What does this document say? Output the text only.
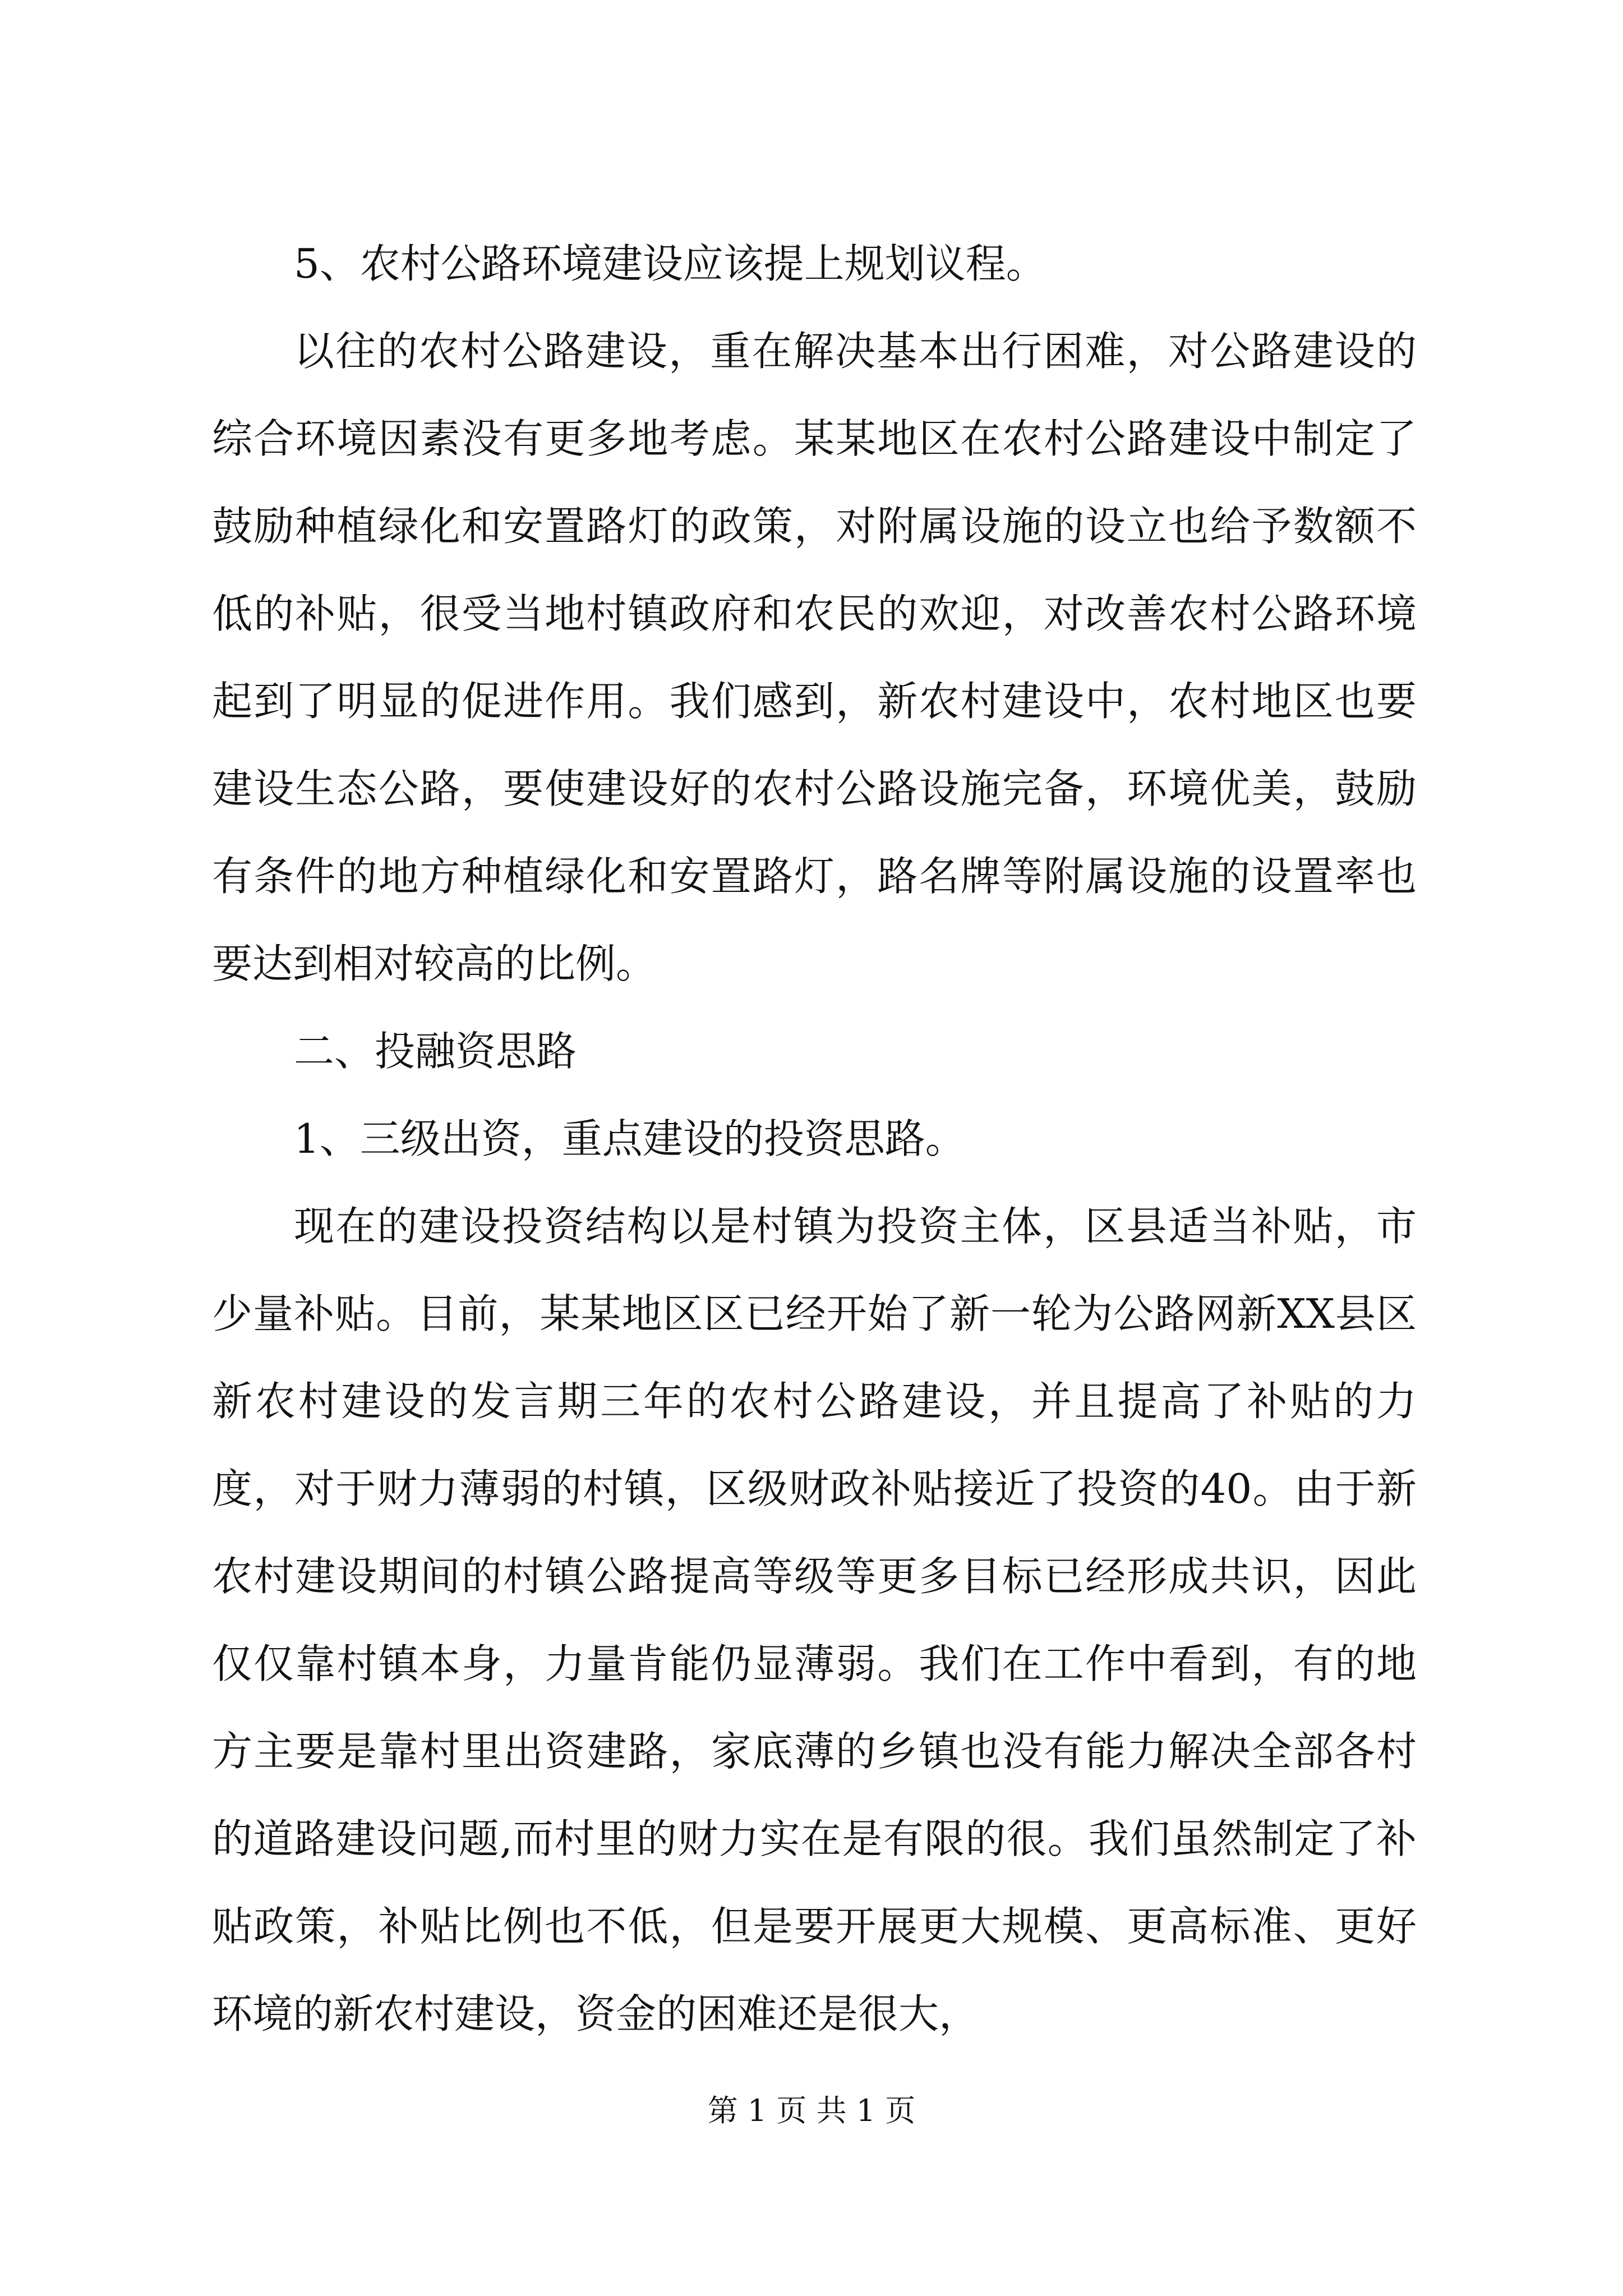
5、农村公路环境建设应该提上规划议程。

以往的农村公路建设，重在解决基本出行困难，对公路建设的综合环境因素没有更多地考虑。某某地区在农村公路建设中制定了鼓励种植绿化和安置路灯的政策，对附属设施的设立也给予数额不低的补贴，很受当地村镇政府和农民的欢迎，对改善农村公路环境起到了明显的促进作用。我们感到，新农村建设中，农村地区也要建设生态公路，要使建设好的农村公路设施完备，环境优美，鼓励有条件的地方种植绿化和安置路灯，路名牌等附属设施的设置率也要达到相对较高的比例。

二、投融资思路

1、三级出资，重点建设的投资思路。

现在的建设投资结构以是村镇为投资主体，区县适当补贴，市少量补贴。目前，某某地区区已经开始了新一轮为公路网新XX县区新农村建设的发言期三年的农村公路建设，并且提高了补贴的力度，对于财力薄弱的村镇，区级财政补贴接近了投资的40。由于新农村建设期间的村镇公路提高等级等更多目标已经形成共识，因此仅仅靠村镇本身，力量肯能仍显薄弱。我们在工作中看到，有的地方主要是靠村里出资建路，家底薄的乡镇也没有能力解决全部各村的道路建设问题,而村里的财力实在是有限的很。我们虽然制定了补贴政策，补贴比例也不低，但是要开展更大规模、更高标准、更好环境的新农村建设，资金的困难还是很大，

第 1 页 共 1 页
